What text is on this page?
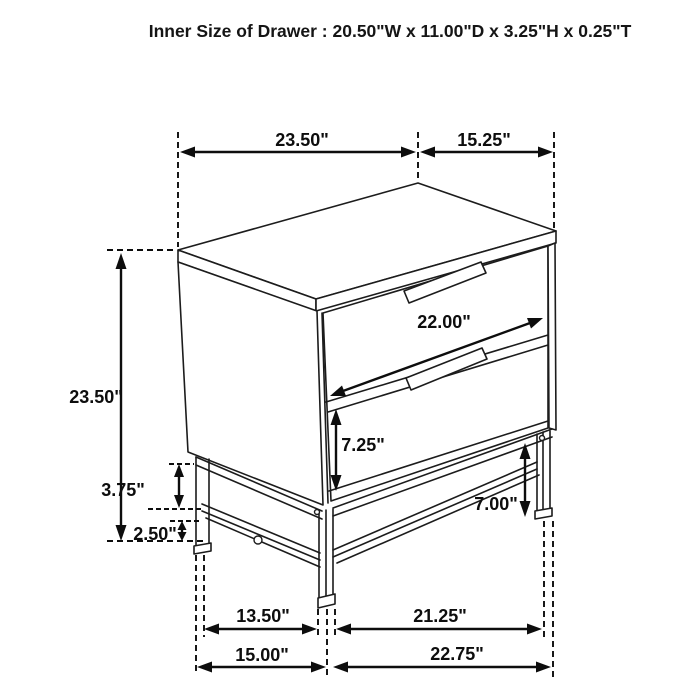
23.50"	15.25"
23.50"
22.00"
7.25"
3.75"
2.50"
7.00"
13.50"	21.25"
15.00"	22.75"
Inner Size of Drawer : 20.50"W x 11.00"D x 3.25"H x 0.25"T
